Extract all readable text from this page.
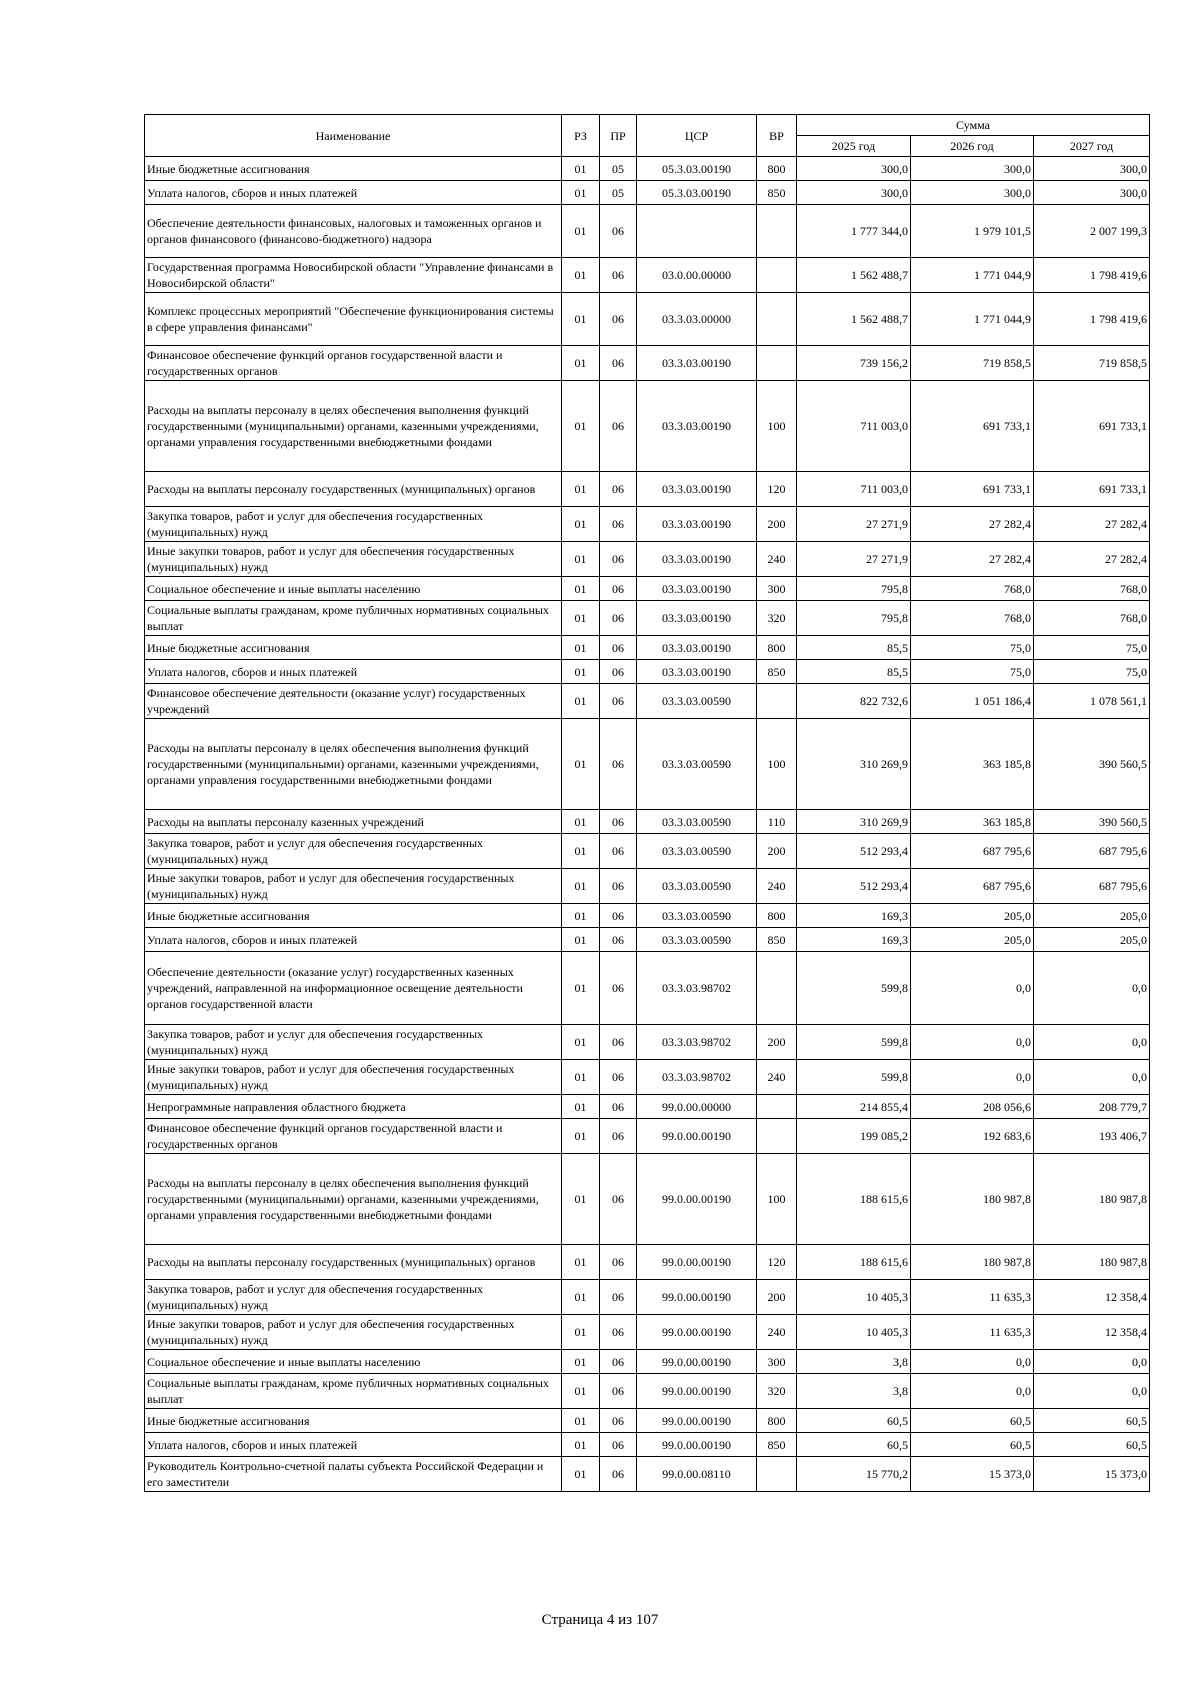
Наименование	РЗ	ПР	ЦСР	ВР	Сумма		
					2025 год	2026 год	2027 год
Иные бюджетные ассигнования	01	05	05.3.03.00190	800	300,0	300,0	300,0
Уплата налогов, сборов и иных платежей	01	05	05.3.03.00190	850	300,0	300,0	300,0
Обеспечение деятельности финансовых, налоговых и таможенных органов и органов финансового (финансово-бюджетного) надзора	01	06			1 777 344,0	1 979 101,5	2 007 199,3
Государственная программа Новосибирской области "Управление финансами в Новосибирской области"	01	06	03.0.00.00000		1 562 488,7	1 771 044,9	1 798 419,6
Комплекс процессных мероприятий "Обеспечение функционирования системы в сфере управления финансами"	01	06	03.3.03.00000		1 562 488,7	1 771 044,9	1 798 419,6
Финансовое обеспечение функций органов государственной власти и государственных органов	01	06	03.3.03.00190		739 156,2	719 858,5	719 858,5
Расходы на выплаты персоналу в целях обеспечения выполнения функций государственными (муниципальными) органами, казенными учреждениями, органами управления государственными внебюджетными фондами	01	06	03.3.03.00190	100	711 003,0	691 733,1	691 733,1
Расходы на выплаты персоналу государственных (муниципальных) органов	01	06	03.3.03.00190	120	711 003,0	691 733,1	691 733,1
Закупка товаров, работ и услуг для обеспечения государственных (муниципальных) нужд	01	06	03.3.03.00190	200	27 271,9	27 282,4	27 282,4
Иные закупки товаров, работ и услуг для обеспечения государственных (муниципальных) нужд	01	06	03.3.03.00190	240	27 271,9	27 282,4	27 282,4
Социальное обеспечение и иные выплаты населению	01	06	03.3.03.00190	300	795,8	768,0	768,0
Социальные выплаты гражданам, кроме публичных нормативных социальных выплат	01	06	03.3.03.00190	320	795,8	768,0	768,0
Иные бюджетные ассигнования	01	06	03.3.03.00190	800	85,5	75,0	75,0
Уплата налогов, сборов и иных платежей	01	06	03.3.03.00190	850	85,5	75,0	75,0
Финансовое обеспечение деятельности (оказание услуг) государственных учреждений	01	06	03.3.03.00590		822 732,6	1 051 186,4	1 078 561,1
Расходы на выплаты персоналу в целях обеспечения выполнения функций государственными (муниципальными) органами, казенными учреждениями, органами управления государственными внебюджетными фондами	01	06	03.3.03.00590	100	310 269,9	363 185,8	390 560,5
Расходы на выплаты персоналу казенных учреждений	01	06	03.3.03.00590	110	310 269,9	363 185,8	390 560,5
Закупка товаров, работ и услуг для обеспечения государственных (муниципальных) нужд	01	06	03.3.03.00590	200	512 293,4	687 795,6	687 795,6
Иные закупки товаров, работ и услуг для обеспечения государственных (муниципальных) нужд	01	06	03.3.03.00590	240	512 293,4	687 795,6	687 795,6
Иные бюджетные ассигнования	01	06	03.3.03.00590	800	169,3	205,0	205,0
Уплата налогов, сборов и иных платежей	01	06	03.3.03.00590	850	169,3	205,0	205,0
Обеспечение деятельности (оказание услуг) государственных казенных учреждений, направленной на информационное освещение деятельности органов государственной власти	01	06	03.3.03.98702		599,8	0,0	0,0
Закупка товаров, работ и услуг для обеспечения государственных (муниципальных) нужд	01	06	03.3.03.98702	200	599,8	0,0	0,0
Иные закупки товаров, работ и услуг для обеспечения государственных (муниципальных) нужд	01	06	03.3.03.98702	240	599,8	0,0	0,0
Непрограммные направления областного бюджета	01	06	99.0.00.00000		214 855,4	208 056,6	208 779,7
Финансовое обеспечение функций органов государственной власти и государственных органов	01	06	99.0.00.00190		199 085,2	192 683,6	193 406,7
Расходы на выплаты персоналу в целях обеспечения выполнения функций государственными (муниципальными) органами, казенными учреждениями, органами управления государственными внебюджетными фондами	01	06	99.0.00.00190	100	188 615,6	180 987,8	180 987,8
Расходы на выплаты персоналу государственных (муниципальных) органов	01	06	99.0.00.00190	120	188 615,6	180 987,8	180 987,8
Закупка товаров, работ и услуг для обеспечения государственных (муниципальных) нужд	01	06	99.0.00.00190	200	10 405,3	11 635,3	12 358,4
Иные закупки товаров, работ и услуг для обеспечения государственных (муниципальных) нужд	01	06	99.0.00.00190	240	10 405,3	11 635,3	12 358,4
Социальное обеспечение и иные выплаты населению	01	06	99.0.00.00190	300	3,8	0,0	0,0
Социальные выплаты гражданам, кроме публичных нормативных социальных выплат	01	06	99.0.00.00190	320	3,8	0,0	0,0
Иные бюджетные ассигнования	01	06	99.0.00.00190	800	60,5	60,5	60,5
Уплата налогов, сборов и иных платежей	01	06	99.0.00.00190	850	60,5	60,5	60,5
Руководитель Контрольно-счетной палаты субъекта Российской Федерации и его заместители	01	06	99.0.00.08110		15 770,2	15 373,0	15 373,0
Страница 4 из 107
